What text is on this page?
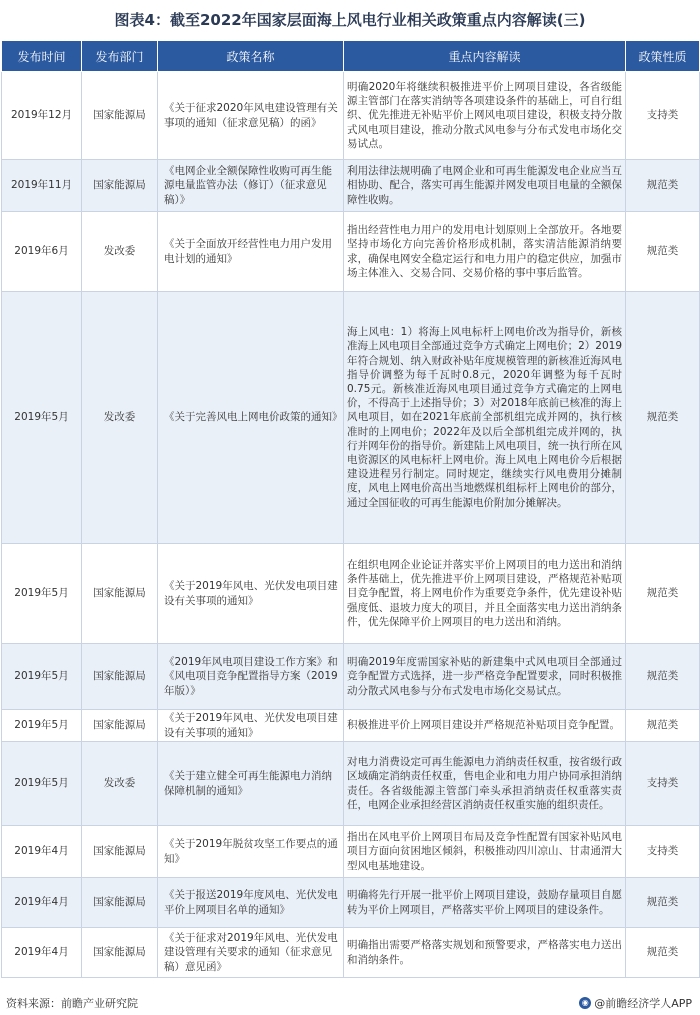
图表4：截至2022年国家层面海上风电行业相关政策重点内容解读(三)
发布时间	发布部门	政策名称	重点内容解读	政策性质
2019年12月	国家能源局	《关于征求2020年风电建设管理有关事项的通知（征求意见稿）的函》	明确2020年将继续积极推进平价上网项目建设，各省级能源主管部门在落实消纳等各项建设条件的基础上，可自行组织、优先推进无补贴平价上网风电项目建设，积极支持分散式风电项目建设，推动分散式风电参与分布式发电市场化交易试点。	支持类
2019年11月	国家能源局	《电网企业全额保障性收购可再生能源电量监管办法（修订）（征求意见稿）》	利用法律法规明确了电网企业和可再生能源发电企业应当互相协助、配合，落实可再生能源并网发电项目电量的全额保障性收购。	规范类
2019年6月	发改委	《关于全面放开经营性电力用户发用电计划的通知》	指出经营性电力用户的发用电计划原则上全部放开。各地要坚持市场化方向完善价格形成机制，落实清洁能源消纳要求，确保电网安全稳定运行和电力用户的稳定供应，加强市场主体准入、交易合同、交易价格的事中事后监管。	规范类
2019年5月	发改委	《关于完善风电上网电价政策的通知》	海上风电：1）将海上风电标杆上网电价改为指导价，新核准海上风电项目全部通过竞争方式确定上网电价；2）2019年符合规划、纳入财政补贴年度规模管理的新核准近海风电指导价调整为每千瓦时0.8元，2020年调整为每千瓦时0.75元。新核准近海风电项目通过竞争方式确定的上网电价，不得高于上述指导价；3）对2018年底前已核准的海上风电项目，如在2021年底前全部机组完成并网的，执行核准时的上网电价；2022年及以后全部机组完成并网的，执行并网年份的指导价。新建陆上风电项目，统一执行所在风电资源区的风电标杆上网电价。海上风电上网电价今后根据建设进程另行制定。同时规定，继续实行风电费用分摊制度，风电上网电价高出当地燃煤机组标杆上网电价的部分，通过全国征收的可再生能源电价附加分摊解决。	规范类
2019年5月	国家能源局	《关于2019年风电、光伏发电项目建设有关事项的通知》	在组织电网企业论证并落实平价上网项目的电力送出和消纳条件基础上，优先推进平价上网项目建设，严格规范补贴项目竞争配置，将上网电价作为重要竞争条件，优先建设补贴强度低、退坡力度大的项目，并且全面落实电力送出消纳条件，优先保障平价上网项目的电力送出和消纳。	规范类
2019年5月	国家能源局	《2019年风电项目建设工作方案》和《风电项目竞争配置指导方案（2019年版）》	明确2019年度需国家补贴的新建集中式风电项目全部通过竞争配置方式选择，进一步严格竞争配置要求，同时积极推动分散式风电参与分布式发电市场化交易试点。	规范类
2019年5月	国家能源局	《关于2019年风电、光伏发电项目建设有关事项的通知》	积极推进平价上网项目建设并严格规范补贴项目竞争配置。	规范类
2019年5月	发改委	《关于建立健全可再生能源电力消纳保障机制的通知》	对电力消费设定可再生能源电力消纳责任权重，按省级行政区域确定消纳责任权重，售电企业和电力用户协同承担消纳责任。各省级能源主管部门牵头承担消纳责任权重落实责任，电网企业承担经营区消纳责任权重实施的组织责任。	支持类
2019年4月	国家能源局	《关于2019年脱贫攻坚工作要点的通知》	指出在风电平价上网项目布局及竞争性配置有国家补贴风电项目方面向贫困地区倾斜，积极推动四川凉山、甘肃通渭大型风电基地建设。	支持类
2019年4月	国家能源局	《关于报送2019年度风电、光伏发电平价上网项目名单的通知》	明确将先行开展一批平价上网项目建设，鼓励存量项目自愿转为平价上网项目，严格落实平价上网项目的建设条件。	规范类
2019年4月	国家能源局	《关于征求对2019年风电、光伏发电建设管理有关要求的通知（征求意见稿）意见函》	明确指出需要严格落实规划和预警要求，严格落实电力送出和消纳条件。	规范类
资料来源：前瞻产业研究院	◉ @前瞻经济学人APP
